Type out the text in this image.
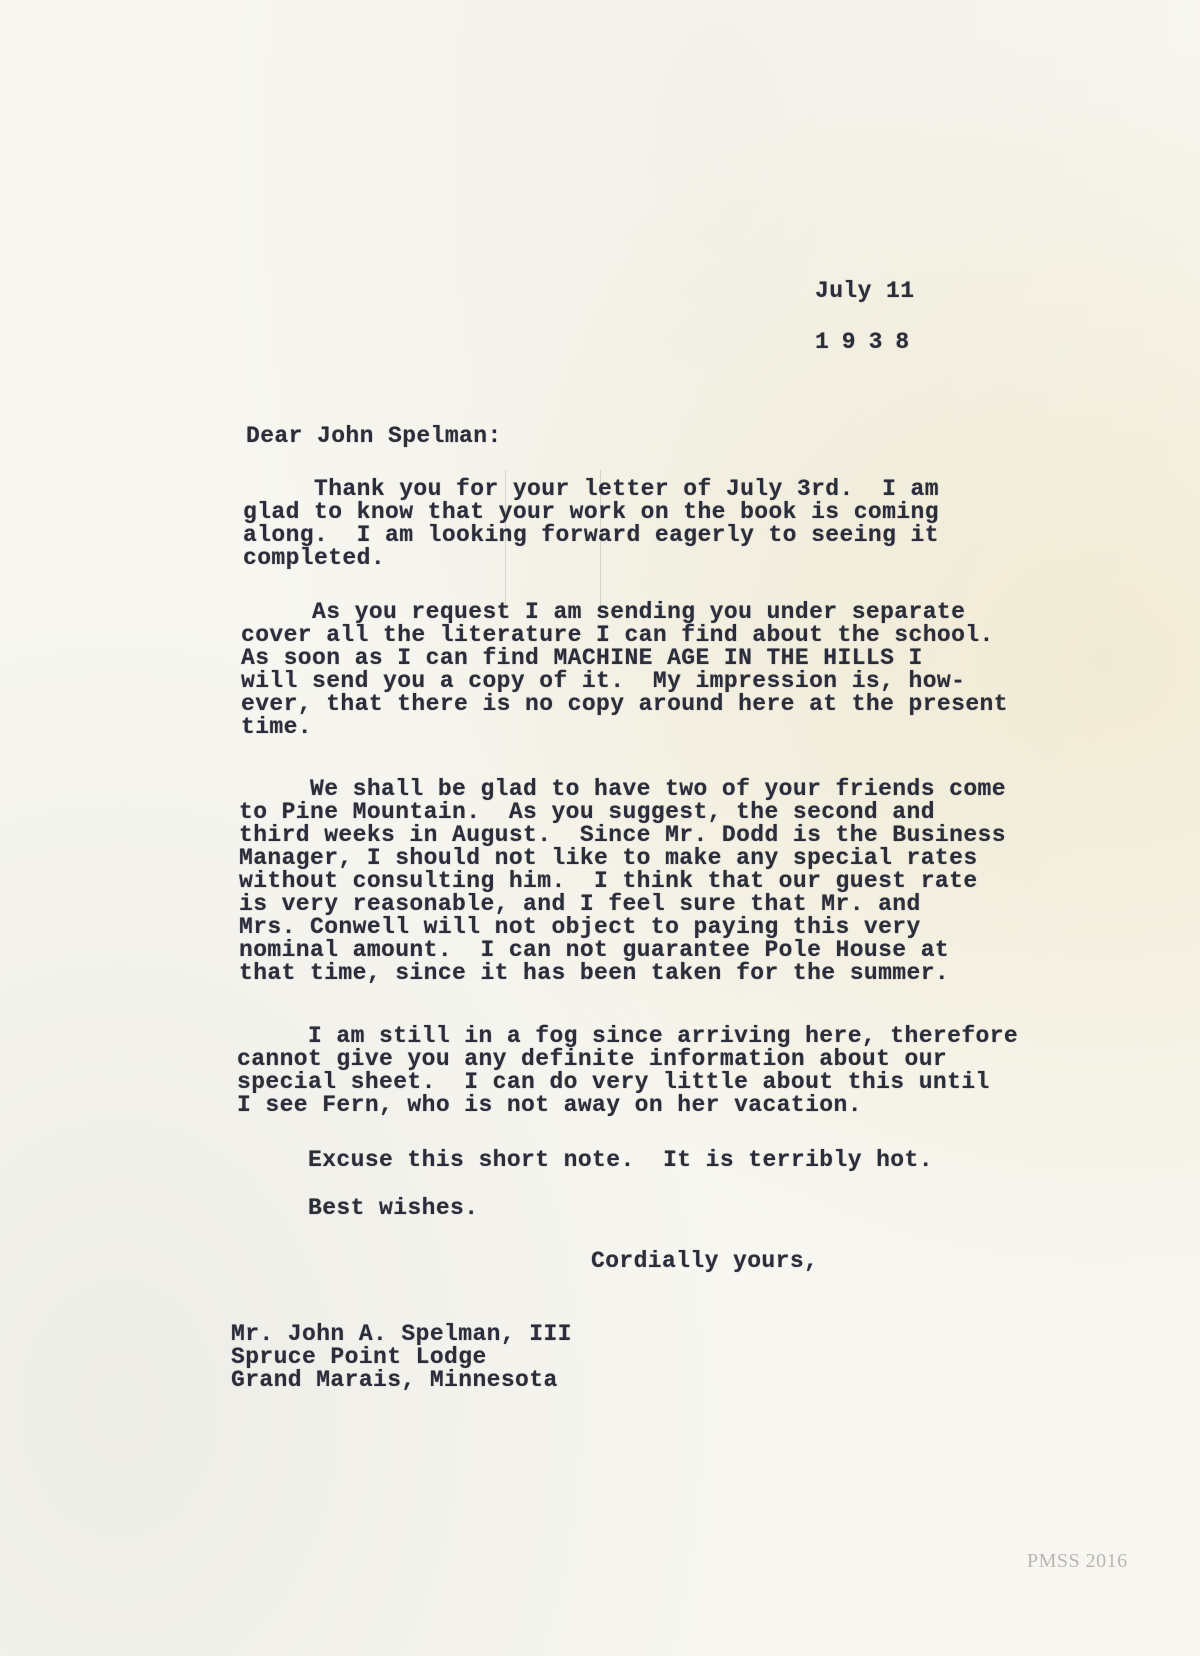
July 11

1938

Dear John Spelman:

Thank you for your letter of July 3rd.  I am

glad to know that your work on the book is coming

along.  I am looking forward eagerly to seeing it

completed.

As you request I am sending you under separate

cover all the literature I can find about the school.

As soon as I can find MACHINE AGE IN THE HILLS I

will send you a copy of it.  My impression is, how-

ever, that there is no copy around here at the present

time.

We shall be glad to have two of your friends come

to Pine Mountain.  As you suggest, the second and

third weeks in August.  Since Mr. Dodd is the Business

Manager, I should not like to make any special rates

without consulting him.  I think that our guest rate

is very reasonable, and I feel sure that Mr. and

Mrs. Conwell will not object to paying this very

nominal amount.  I can not guarantee Pole House at

that time, since it has been taken for the summer.

I am still in a fog since arriving here, therefore

cannot give you any definite information about our

special sheet.  I can do very little about this until

I see Fern, who is not away on her vacation.

Excuse this short note.  It is terribly hot.

Best wishes.

Cordially yours,

Mr. John A. Spelman, III

Spruce Point Lodge

Grand Marais, Minnesota

PMSS 2016
